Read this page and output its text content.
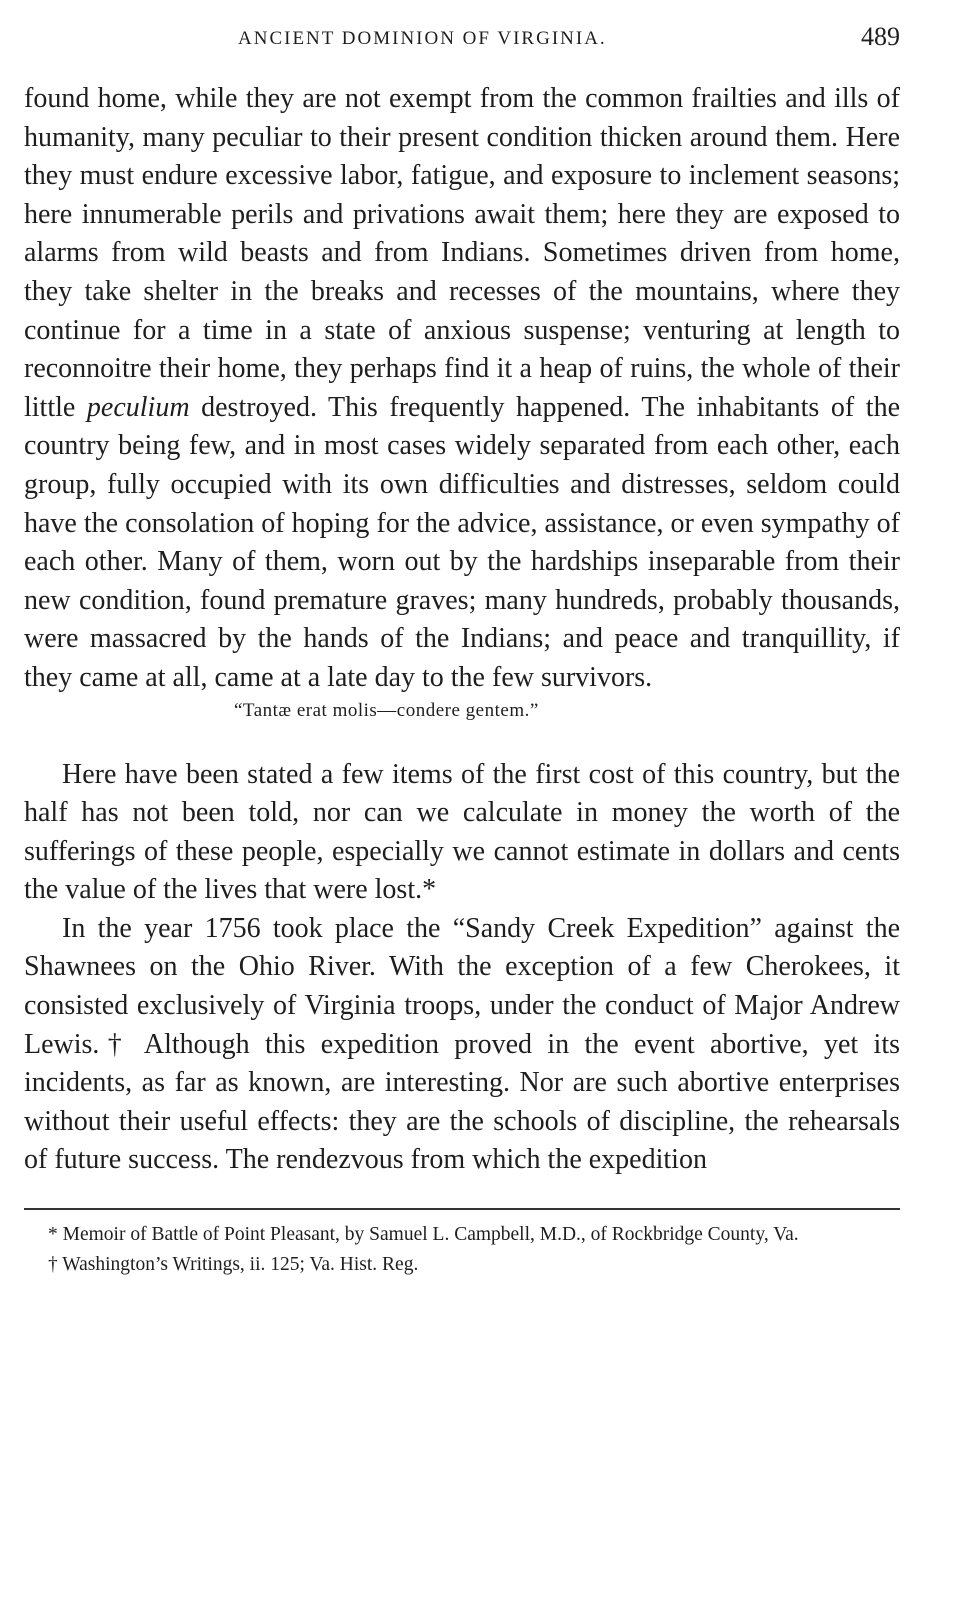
ANCIENT DOMINION OF VIRGINIA.	489

found home, while they are not exempt from the common frailties and ills of humanity, many peculiar to their present condition thicken around them. Here they must endure excessive labor, fatigue, and exposure to inclement seasons; here innumerable perils and privations await them; here they are exposed to alarms from wild beasts and from Indians. Sometimes driven from home, they take shelter in the breaks and recesses of the mountains, where they continue for a time in a state of anxious suspense; venturing at length to reconnoitre their home, they perhaps find it a heap of ruins, the whole of their little peculium destroyed. This frequently happened. The inhabitants of the country being few, and in most cases widely separated from each other, each group, fully occupied with its own difficulties and distresses, seldom could have the consolation of hoping for the advice, assistance, or even sympathy of each other. Many of them, worn out by the hardships inseparable from their new condition, found premature graves; many hundreds, probably thousands, were massacred by the hands of the Indians; and peace and tranquillity, if they came at all, came at a late day to the few survivors.

“Tantæ erat molis—condere gentem.”

Here have been stated a few items of the first cost of this country, but the half has not been told, nor can we calculate in money the worth of the sufferings of these people, especially we cannot estimate in dollars and cents the value of the lives that were lost.*

In the year 1756 took place the “Sandy Creek Expedition” against the Shawnees on the Ohio River. With the exception of a few Cherokees, it consisted exclusively of Virginia troops, under the conduct of Major Andrew Lewis.† Although this expedition proved in the event abortive, yet its incidents, as far as known, are interesting. Nor are such abortive enterprises without their useful effects: they are the schools of discipline, the rehearsals of future success. The rendezvous from which the expedition

* Memoir of Battle of Point Pleasant, by Samuel L. Campbell, M.D., of Rockbridge County, Va.

† Washington’s Writings, ii. 125; Va. Hist. Reg.
